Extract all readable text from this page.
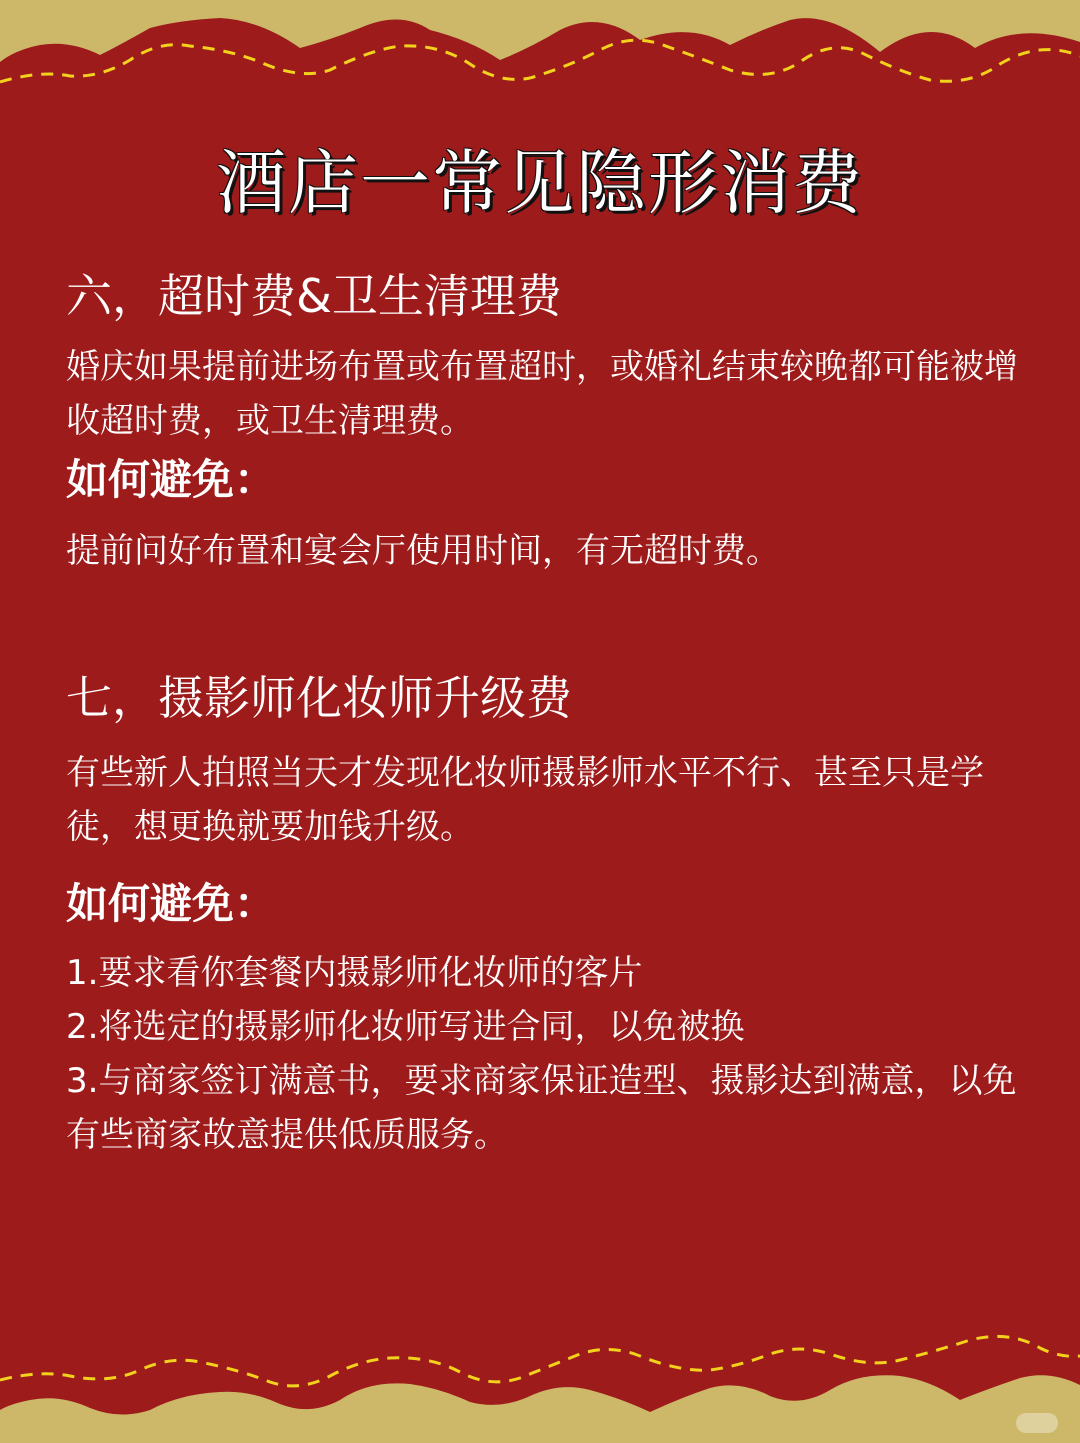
酒店一常见隐形消费
六，超时费&卫生清理费
婚庆如果提前进场布置或布置超时，或婚礼结束较晚都可能被增收超时费，或卫生清理费。
如何避免：
提前问好布置和宴会厅使用时间，有无超时费。
七，摄影师化妆师升级费
有些新人拍照当天才发现化妆师摄影师水平不行、甚至只是学徒，想更换就要加钱升级。
如何避免：
1.要求看你套餐内摄影师化妆师的客片
2.将选定的摄影师化妆师写进合同，以免被换
3.与商家签订满意书，要求商家保证造型、摄影达到满意，以免有些商家故意提供低质服务。
